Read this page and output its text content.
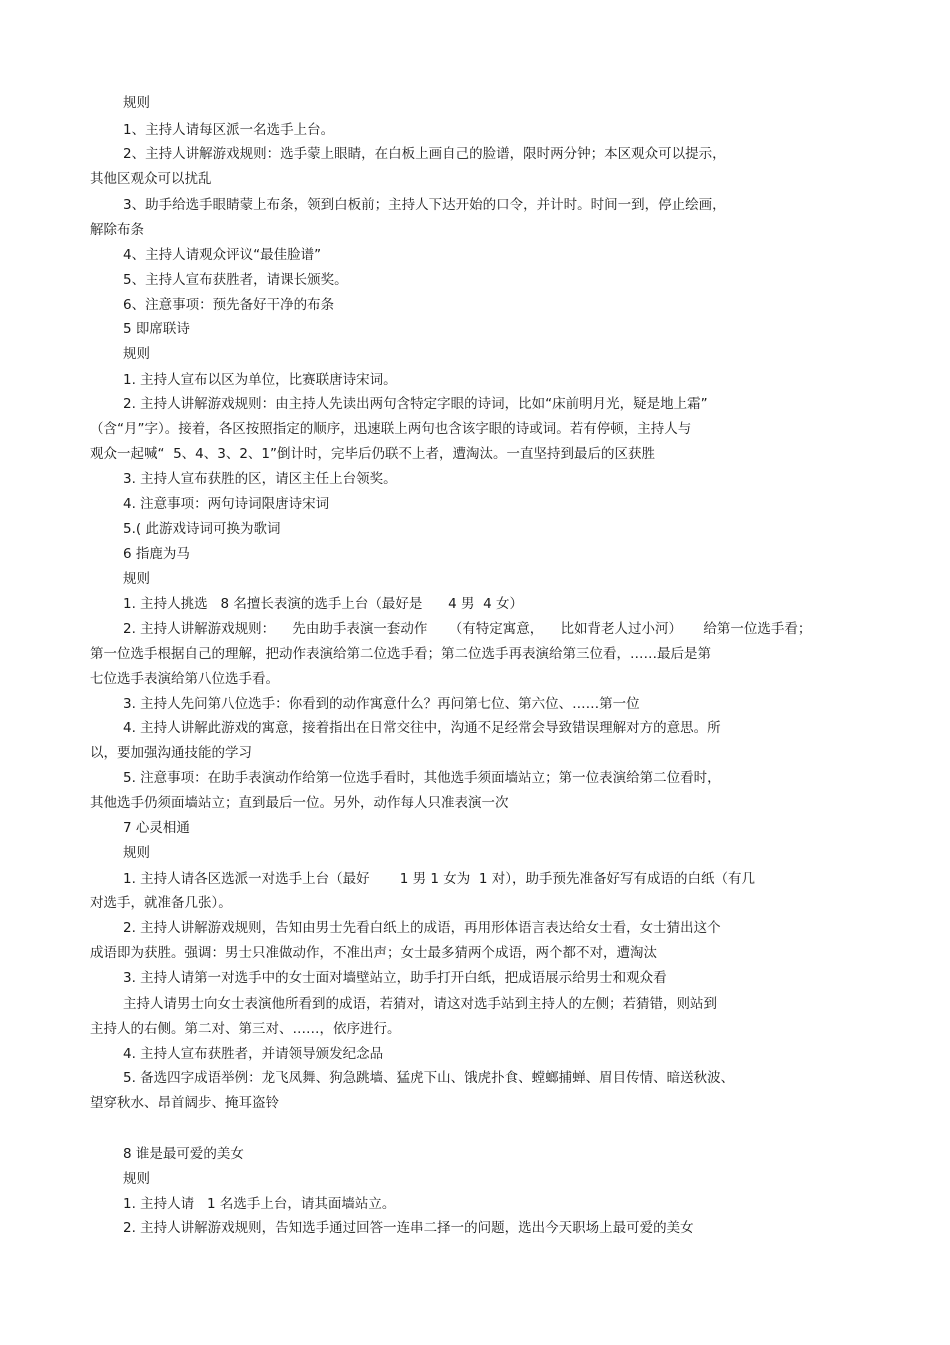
规则
1、主持人请每区派一名选手上台。
2、主持人讲解游戏规则：选手蒙上眼睛，在白板上画自己的脸谱，限时两分钟；本区观众可以提示，
其他区观众可以扰乱
3、助手给选手眼睛蒙上布条，领到白板前；主持人下达开始的口令，并计时。时间一到，停止绘画，
解除布条
4、主持人请观众评议“最佳脸谱”
5、主持人宣布获胜者，请课长颁奖。
6、注意事项：预先备好干净的布条
5 即席联诗
规则
1. 主持人宣布以区为单位，比赛联唐诗宋词。
2. 主持人讲解游戏规则：由主持人先读出两句含特定字眼的诗词，比如“床前明月光，疑是地上霜”
（含“月”字）。接着，各区按照指定的顺序，迅速联上两句也含该字眼的诗或词。若有停顿，主持人与
观众一起喊“  5、4、3、2、1”倒计时，完毕后仍联不上者，遭淘汰。一直坚持到最后的区获胜
3. 主持人宣布获胜的区，请区主任上台领奖。
4. 注意事项：两句诗词限唐诗宋词
5.( 此游戏诗词可换为歌词
6 指鹿为马
规则
1. 主持人挑选   8 名擅长表演的选手上台（最好是      4 男  4 女）
2. 主持人讲解游戏规则：    先由助手表演一套动作     （有特定寓意，    比如背老人过小河）     给第一位选手看；
第一位选手根据自己的理解，把动作表演给第二位选手看；第二位选手再表演给第三位看，……最后是第
七位选手表演给第八位选手看。
3. 主持人先问第八位选手：你看到的动作寓意什么？再问第七位、第六位、……第一位
4. 主持人讲解此游戏的寓意，接着指出在日常交往中，沟通不足经常会导致错误理解对方的意思。所
以，要加强沟通技能的学习
5. 注意事项：在助手表演动作给第一位选手看时，其他选手须面墙站立；第一位表演给第二位看时，
其他选手仍须面墙站立；直到最后一位。另外，动作每人只准表演一次
7 心灵相通
规则
1. 主持人请各区选派一对选手上台（最好       1 男 1 女为  1 对），助手预先准备好写有成语的白纸（有几
对选手，就准备几张）。
2. 主持人讲解游戏规则，告知由男士先看白纸上的成语，再用形体语言表达给女士看，女士猜出这个
成语即为获胜。强调：男士只准做动作，不准出声；女士最多猜两个成语，两个都不对，遭淘汰
3. 主持人请第一对选手中的女士面对墙壁站立，助手打开白纸，把成语展示给男士和观众看
主持人请男士向女士表演他所看到的成语，若猜对，请这对选手站到主持人的左侧；若猜错，则站到
主持人的右侧。第二对、第三对、……，依序进行。
4. 主持人宣布获胜者，并请领导颁发纪念品
5. 备选四字成语举例：龙飞凤舞、狗急跳墙、猛虎下山、饿虎扑食、螳螂捕蝉、眉目传情、暗送秋波、
望穿秋水、昂首阔步、掩耳盗铃
8 谁是最可爱的美女
规则
1. 主持人请   1 名选手上台，请其面墙站立。
2. 主持人讲解游戏规则，告知选手通过回答一连串二择一的问题，选出今天职场上最可爱的美女
